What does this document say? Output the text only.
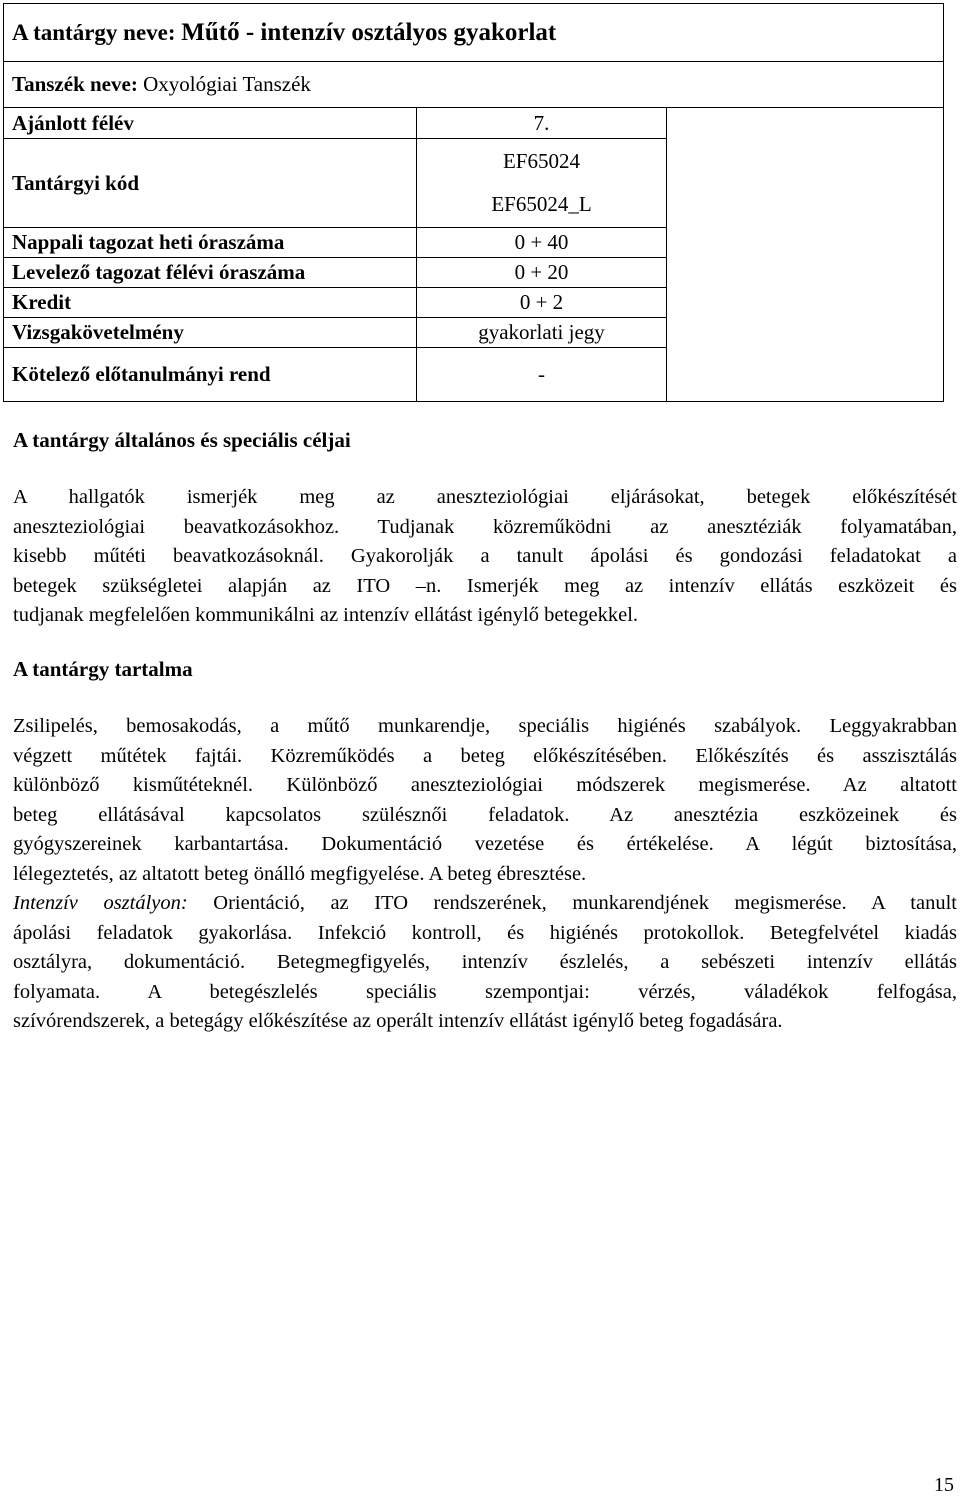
A tantárgy neve: Műtő - intenzív osztályos gyakorlat		
Tanszék neve: Oxyológiai Tanszék		
Ajánlott félév	7.	
Tantárgyi kód	EF65024
EF65024_L	

Nappali tagozat heti óraszáma	0 + 40	
Levelező tagozat félévi óraszáma	0 + 20	
Kredit	0 + 2	
Vizsgakövetelmény	gyakorlati jegy	
Kötelező előtanulmányi rend	-	
A tantárgy általános és speciális céljai
A hallgatók ismerjék meg az aneszteziológiai eljárásokat, betegek előkészítését
aneszteziológiai beavatkozásokhoz. Tudjanak közreműködni az anesztéziák folyamatában,
kisebb műtéti beavatkozásoknál. Gyakorolják a tanult ápolási és gondozási feladatokat a
betegek szükségletei alapján az ITO –n. Ismerjék meg az intenzív ellátás eszközeit és
tudjanak megfelelően kommunikálni az intenzív ellátást igénylő betegekkel.
A tantárgy tartalma
Zsilipelés, bemosakodás, a műtő munkarendje, speciális higiénés szabályok. Leggyakrabban
végzett műtétek fajtái. Közreműködés a beteg előkészítésében. Előkészítés és asszisztálás
különböző kisműtéteknél. Különböző aneszteziológiai módszerek megismerése. Az altatott
beteg ellátásával kapcsolatos szülésznői feladatok. Az anesztézia eszközeinek és
gyógyszereinek karbantartása. Dokumentáció vezetése és értékelése. A légút biztosítása,
lélegeztetés, az altatott beteg önálló megfigyelése. A beteg ébresztése.
Intenzív osztályon: Orientáció, az ITO rendszerének, munkarendjének megismerése. A tanult
ápolási feladatok gyakorlása. Infekció kontroll, és higiénés protokollok. Betegfelvétel kiadás
osztályra, dokumentáció. Betegmegfigyelés, intenzív észlelés, a sebészeti intenzív ellátás
folyamata. A betegészlelés speciális szempontjai: vérzés, váladékok felfogása,
szívórendszerek, a betegágy előkészítése az operált intenzív ellátást igénylő beteg fogadására.
15
